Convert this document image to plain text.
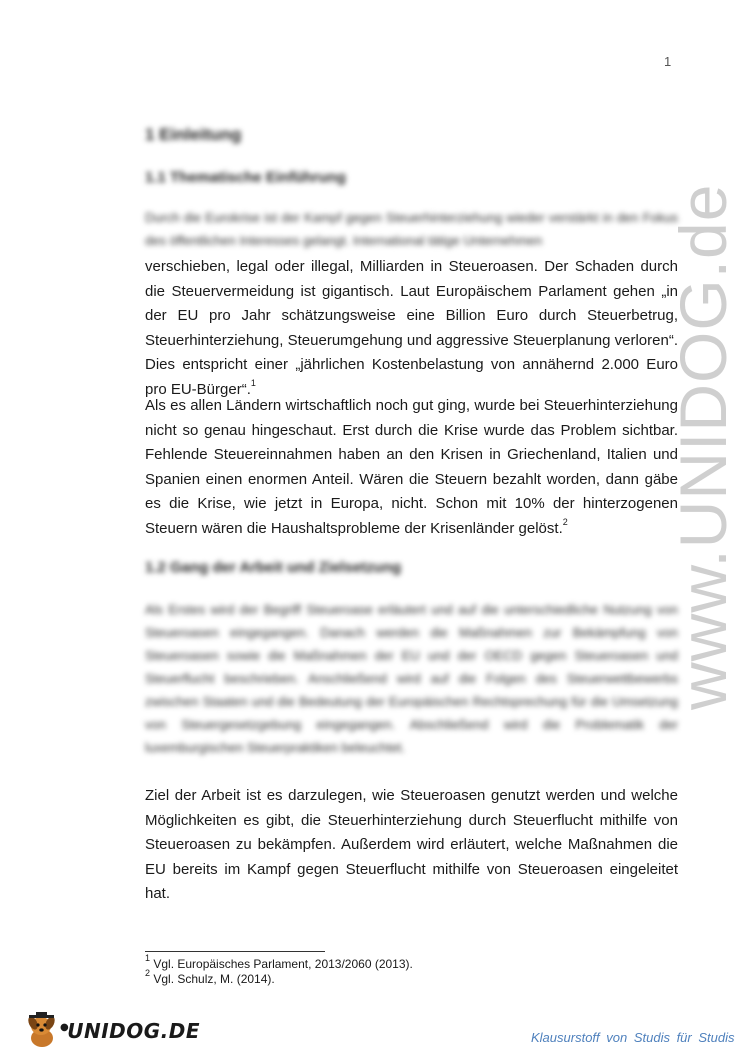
1
1 Einleitung
1.1 Thematische Einführung
Durch die Eurokrise ist der Kampf gegen Steuerhinterziehung wieder verstärkt in den Fokus des öffentlichen Interesses gelangt. International tätige Unternehmen

verschieben, legal oder illegal, Milliarden in Steueroasen. Der Schaden durch die Steuervermeidung ist gigantisch. Laut Europäischem Parlament gehen „in der EU pro Jahr schätzungsweise eine Billion Euro durch Steuerbetrug, Steuerhinterziehung, Steuerumgehung und aggressive Steuerplanung verloren“. Dies entspricht einer „jährlichen Kostenbelastung von annähernd 2.000 Euro pro EU-Bürger“.$^1$

Als es allen Ländern wirtschaftlich noch gut ging, wurde bei Steuerhinterziehung nicht so genau hingeschaut. Erst durch die Krise wurde das Problem sichtbar. Fehlende Steuereinnahmen haben an den Krisen in Griechenland, Italien und Spanien einen enormen Anteil. Wären die Steuern bezahlt worden, dann gäbe es die Krise, wie jetzt in Europa, nicht. Schon mit 10% der hinterzogenen Steuern wären die Haushaltsprobleme der Krisenländer gelöst.$^2$

1.2 Gang der Arbeit und Zielsetzung

Als Erstes wird der Begriff Steueroase erläutert und auf die unterschiedliche Nutzung von Steueroasen eingegangen. Danach werden die Maßnahmen zur Bekämpfung von Steueroasen sowie die Maßnahmen der EU und der OECD gegen Steueroasen und Steuerflucht beschrieben. Anschließend wird auf die Folgen des Steuerwettbewerbs zwischen Staaten und die Bedeutung der Europäischen Rechtsprechung für die Umsetzung von Steuergesetzgebung eingegangen. Abschließend wird die Problematik der luxemburgischen Steuerpraktiken beleuchtet.

Ziel der Arbeit ist es darzulegen, wie Steueroasen genutzt werden und welche Möglichkeiten es gibt, die Steuerhinterziehung durch Steuerflucht mithilfe von Steueroasen zu bekämpfen. Außerdem wird erläutert, welche Maßnahmen die EU bereits im Kampf gegen Steuerflucht mithilfe von Steueroasen eingeleitet hat.

$^1$ Vgl. Europäisches Parlament, 2013/2060 (2013).
$^2$ Vgl. Schulz, M. (2014).
www.UNIDOG.de
●UNIDOG.DE	Klausurstoff von Studis für Studis
